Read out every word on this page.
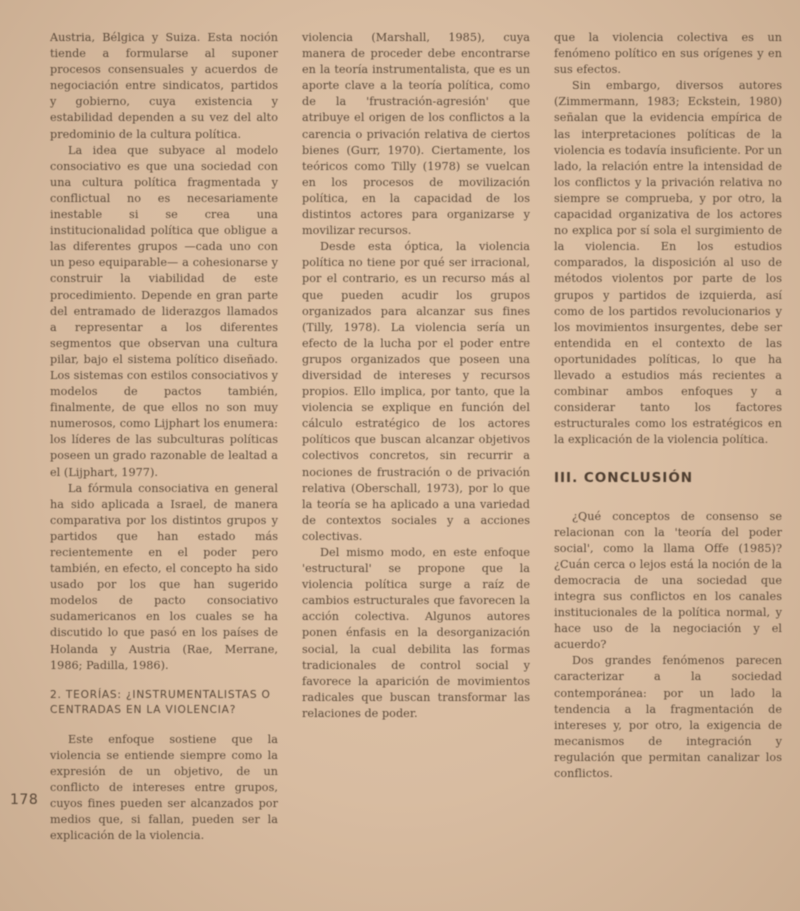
Austria, Bélgica y Suiza. Esta noción tiende a formularse al suponer procesos consensuales y acuerdos de negociación entre sindicatos, partidos y gobierno, cuya existencia y estabilidad dependen a su vez del alto predominio de la cultura política.

La idea que subyace al modelo consociativo es que una sociedad con una cultura política fragmentada y conflictual no es necesariamente inestable si se crea una institucionalidad política que obligue a las diferentes grupos —cada uno con un peso equiparable— a cohesionarse y construir la viabilidad de este procedimiento. Depende en gran parte del entramado de liderazgos llamados a representar a los diferentes segmentos que observan una cultura pilar, bajo el sistema político diseñado. Los sistemas con estilos consociativos y modelos de pactos también, finalmente, de que ellos no son muy numerosos, como Lijphart los enumera: los líderes de las subculturas políticas poseen un grado razonable de lealtad a el (Lijphart, 1977).

La fórmula consociativa en general ha sido aplicada a Israel, de manera comparativa por los distintos grupos y partidos que han estado más recientemente en el poder pero también, en efecto, el concepto ha sido usado por los que han sugerido modelos de pacto consociativo sudamericanos en los cuales se ha discutido lo que pasó en los países de Holanda y Austria (Rae, Merrane, 1986; Padilla, 1986).

2. TEORÍAS: ¿INSTRUMENTALISTAS O CENTRADAS EN LA VIOLENCIA?

Este enfoque sostiene que la violencia se entiende siempre como la expresión de un objetivo, de un conflicto de intereses entre grupos, cuyos fines pueden ser alcanzados por medios que, si fallan, pueden ser la explicación de la violencia.

violencia (Marshall, 1985), cuya manera de proceder debe encontrarse en la teoría instrumentalista, que es un aporte clave a la teoría política, como de la 'frustración-agresión' que atribuye el origen de los conflictos a la carencia o privación relativa de ciertos bienes (Gurr, 1970). Ciertamente, los teóricos como Tilly (1978) se vuelcan en los procesos de movilización política, en la capacidad de los distintos actores para organizarse y movilizar recursos.

Desde esta óptica, la violencia política no tiene por qué ser irracional, por el contrario, es un recurso más al que pueden acudir los grupos organizados para alcanzar sus fines (Tilly, 1978). La violencia sería un efecto de la lucha por el poder entre grupos organizados que poseen una diversidad de intereses y recursos propios. Ello implica, por tanto, que la violencia se explique en función del cálculo estratégico de los actores políticos que buscan alcanzar objetivos colectivos concretos, sin recurrir a nociones de frustración o de privación relativa (Oberschall, 1973), por lo que la teoría se ha aplicado a una variedad de contextos sociales y a acciones colectivas.

Del mismo modo, en este enfoque 'estructural' se propone que la violencia política surge a raíz de cambios estructurales que favorecen la acción colectiva. Algunos autores ponen énfasis en la desorganización social, la cual debilita las formas tradicionales de control social y favorece la aparición de movimientos radicales que buscan transformar las relaciones de poder.

que la violencia colectiva es un fenómeno político en sus orígenes y en sus efectos.

Sin embargo, diversos autores (Zimmermann, 1983; Eckstein, 1980) señalan que la evidencia empírica de las interpretaciones políticas de la violencia es todavía insuficiente. Por un lado, la relación entre la intensidad de los conflictos y la privación relativa no siempre se comprueba, y por otro, la capacidad organizativa de los actores no explica por sí sola el surgimiento de la violencia. En los estudios comparados, la disposición al uso de métodos violentos por parte de los grupos y partidos de izquierda, así como de los partidos revolucionarios y los movimientos insurgentes, debe ser entendida en el contexto de las oportunidades políticas, lo que ha llevado a estudios más recientes a combinar ambos enfoques y a considerar tanto los factores estructurales como los estratégicos en la explicación de la violencia política.

III. CONCLUSIÓN

¿Qué conceptos de consenso se relacionan con la 'teoría del poder social', como la llama Offe (1985)? ¿Cuán cerca o lejos está la noción de la democracia de una sociedad que integra sus conflictos en los canales institucionales de la política normal, y hace uso de la negociación y el acuerdo?

Dos grandes fenómenos parecen caracterizar a la sociedad contemporánea: por un lado la tendencia a la fragmentación de intereses y, por otro, la exigencia de mecanismos de integración y regulación que permitan canalizar los conflictos.

178
